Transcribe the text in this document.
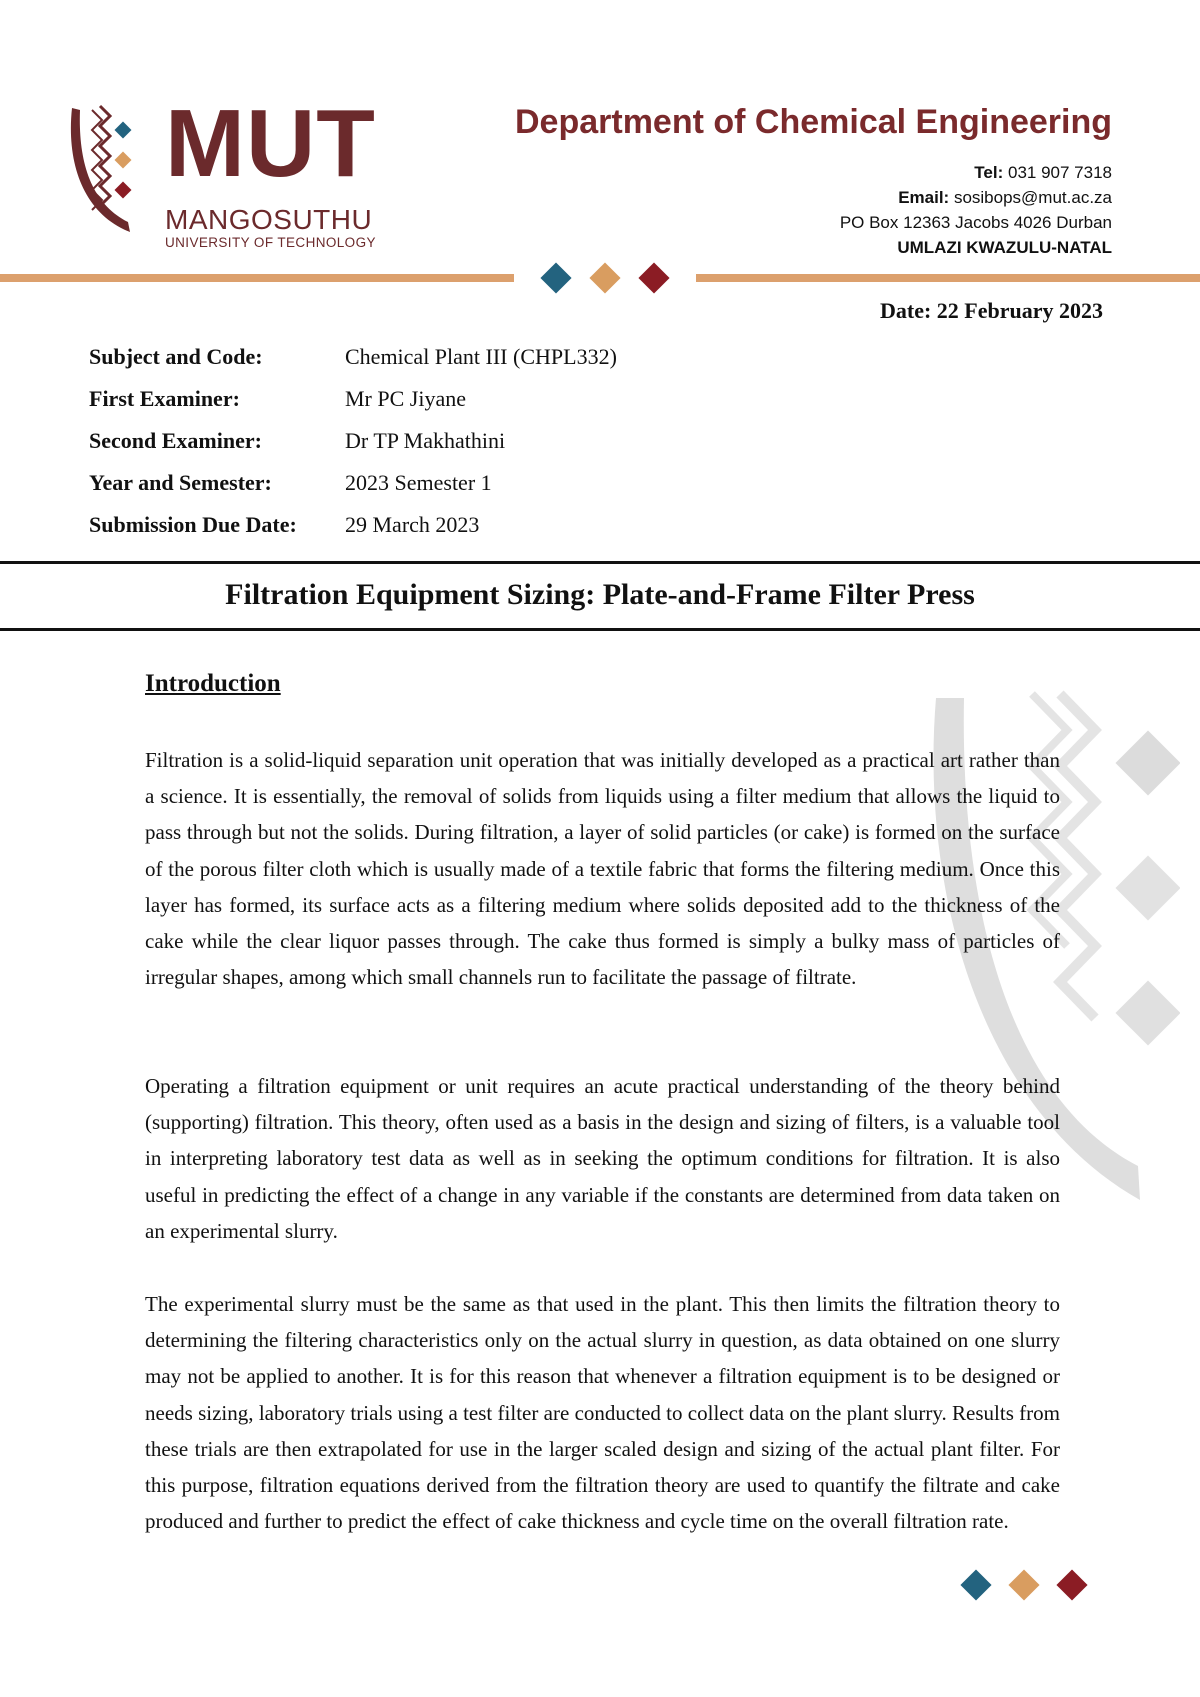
MUT
MANGOSUTHU
UNIVERSITY OF TECHNOLOGY
Department of Chemical Engineering
Tel: 031 907 7318
Email: sosibops@mut.ac.za
PO Box 12363 Jacobs 4026 Durban
UMLAZI KWAZULU-NATAL
Date: 22 February 2023
Subject and Code:	Chemical Plant III (CHPL332)
First Examiner:	Mr PC Jiyane
Second Examiner:	Dr TP Makhathini
Year and Semester:	2023 Semester 1
Submission Due Date:	29 March 2023
Filtration Equipment Sizing: Plate-and-Frame Filter Press
Introduction
Filtration is a solid-liquid separation unit operation that was initially developed as a practical art rather than a science. It is essentially, the removal of solids from liquids using a filter medium that allows the liquid to pass through but not the solids. During filtration, a layer of solid particles (or cake) is formed on the surface of the porous filter cloth which is usually made of a textile fabric that forms the filtering medium. Once this layer has formed, its surface acts as a filtering medium where solids deposited add to the thickness of the cake while the clear liquor passes through. The cake thus formed is simply a bulky mass of particles of irregular shapes, among which small channels run to facilitate the passage of filtrate.
Operating a filtration equipment or unit requires an acute practical understanding of the theory behind (supporting) filtration. This theory, often used as a basis in the design and sizing of filters, is a valuable tool in interpreting laboratory test data as well as in seeking the optimum conditions for filtration. It is also useful in predicting the effect of a change in any variable if the constants are determined from data taken on an experimental slurry.
The experimental slurry must be the same as that used in the plant. This then limits the filtration theory to determining the filtering characteristics only on the actual slurry in question, as data obtained on one slurry may not be applied to another. It is for this reason that whenever a filtration equipment is to be designed or needs sizing, laboratory trials using a test filter are conducted to collect data on the plant slurry. Results from these trials are then extrapolated for use in the larger scaled design and sizing of the actual plant filter. For this purpose, filtration equations derived from the filtration theory are used to quantify the filtrate and cake produced and further to predict the effect of cake thickness and cycle time on the overall filtration rate.
